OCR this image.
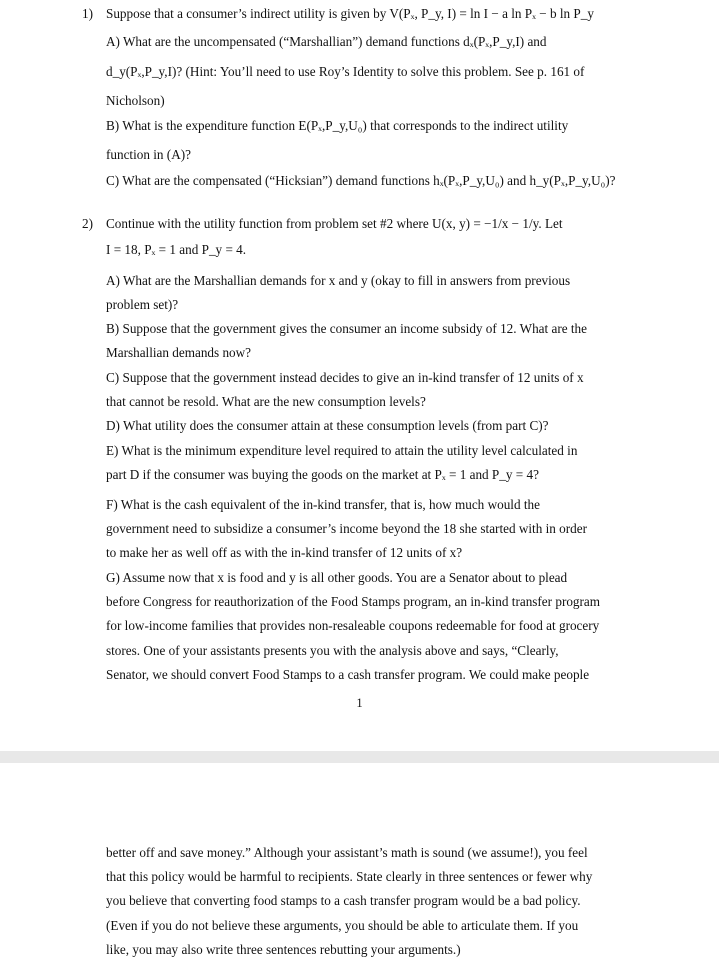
1) Suppose that a consumer’s indirect utility is given by V(Pₓ, P_y, I) = ln I − a ln Pₓ − b ln P_y
A) What are the uncompensated (“Marshallian”) demand functions dₓ(Pₓ,P_y,I) and
d_y(Pₓ,P_y,I)? (Hint: You’ll need to use Roy’s Identity to solve this problem. See p. 161 of
Nicholson)
B) What is the expenditure function E(Pₓ,P_y,U₀) that corresponds to the indirect utility
function in (A)?
C) What are the compensated (“Hicksian”) demand functions hₓ(Pₓ,P_y,U₀) and h_y(Pₓ,P_y,U₀)?
2) Continue with the utility function from problem set #2 where U(x, y) = −1/x − 1/y. Let
I = 18, Pₓ = 1 and P_y = 4.
A) What are the Marshallian demands for x and y (okay to fill in answers from previous
problem set)?
B) Suppose that the government gives the consumer an income subsidy of 12. What are the
Marshallian demands now?
C) Suppose that the government instead decides to give an in-kind transfer of 12 units of x
that cannot be resold. What are the new consumption levels?
D) What utility does the consumer attain at these consumption levels (from part C)?
E) What is the minimum expenditure level required to attain the utility level calculated in
part D if the consumer was buying the goods on the market at Pₓ = 1 and P_y = 4?
F) What is the cash equivalent of the in-kind transfer, that is, how much would the
government need to subsidize a consumer’s income beyond the 18 she started with in order
to make her as well off as with the in-kind transfer of 12 units of x?
G) Assume now that x is food and y is all other goods. You are a Senator about to plead
before Congress for reauthorization of the Food Stamps program, an in-kind transfer program
for low-income families that provides non-resaleable coupons redeemable for food at grocery
stores. One of your assistants presents you with the analysis above and says, “Clearly,
Senator, we should convert Food Stamps to a cash transfer program. We could make people
1
better off and save money.” Although your assistant’s math is sound (we assume!), you feel
that this policy would be harmful to recipients. State clearly in three sentences or fewer why
you believe that converting food stamps to a cash transfer program would be a bad policy.
(Even if you do not believe these arguments, you should be able to articulate them. If you
like, you may also write three sentences rebutting your arguments.)
